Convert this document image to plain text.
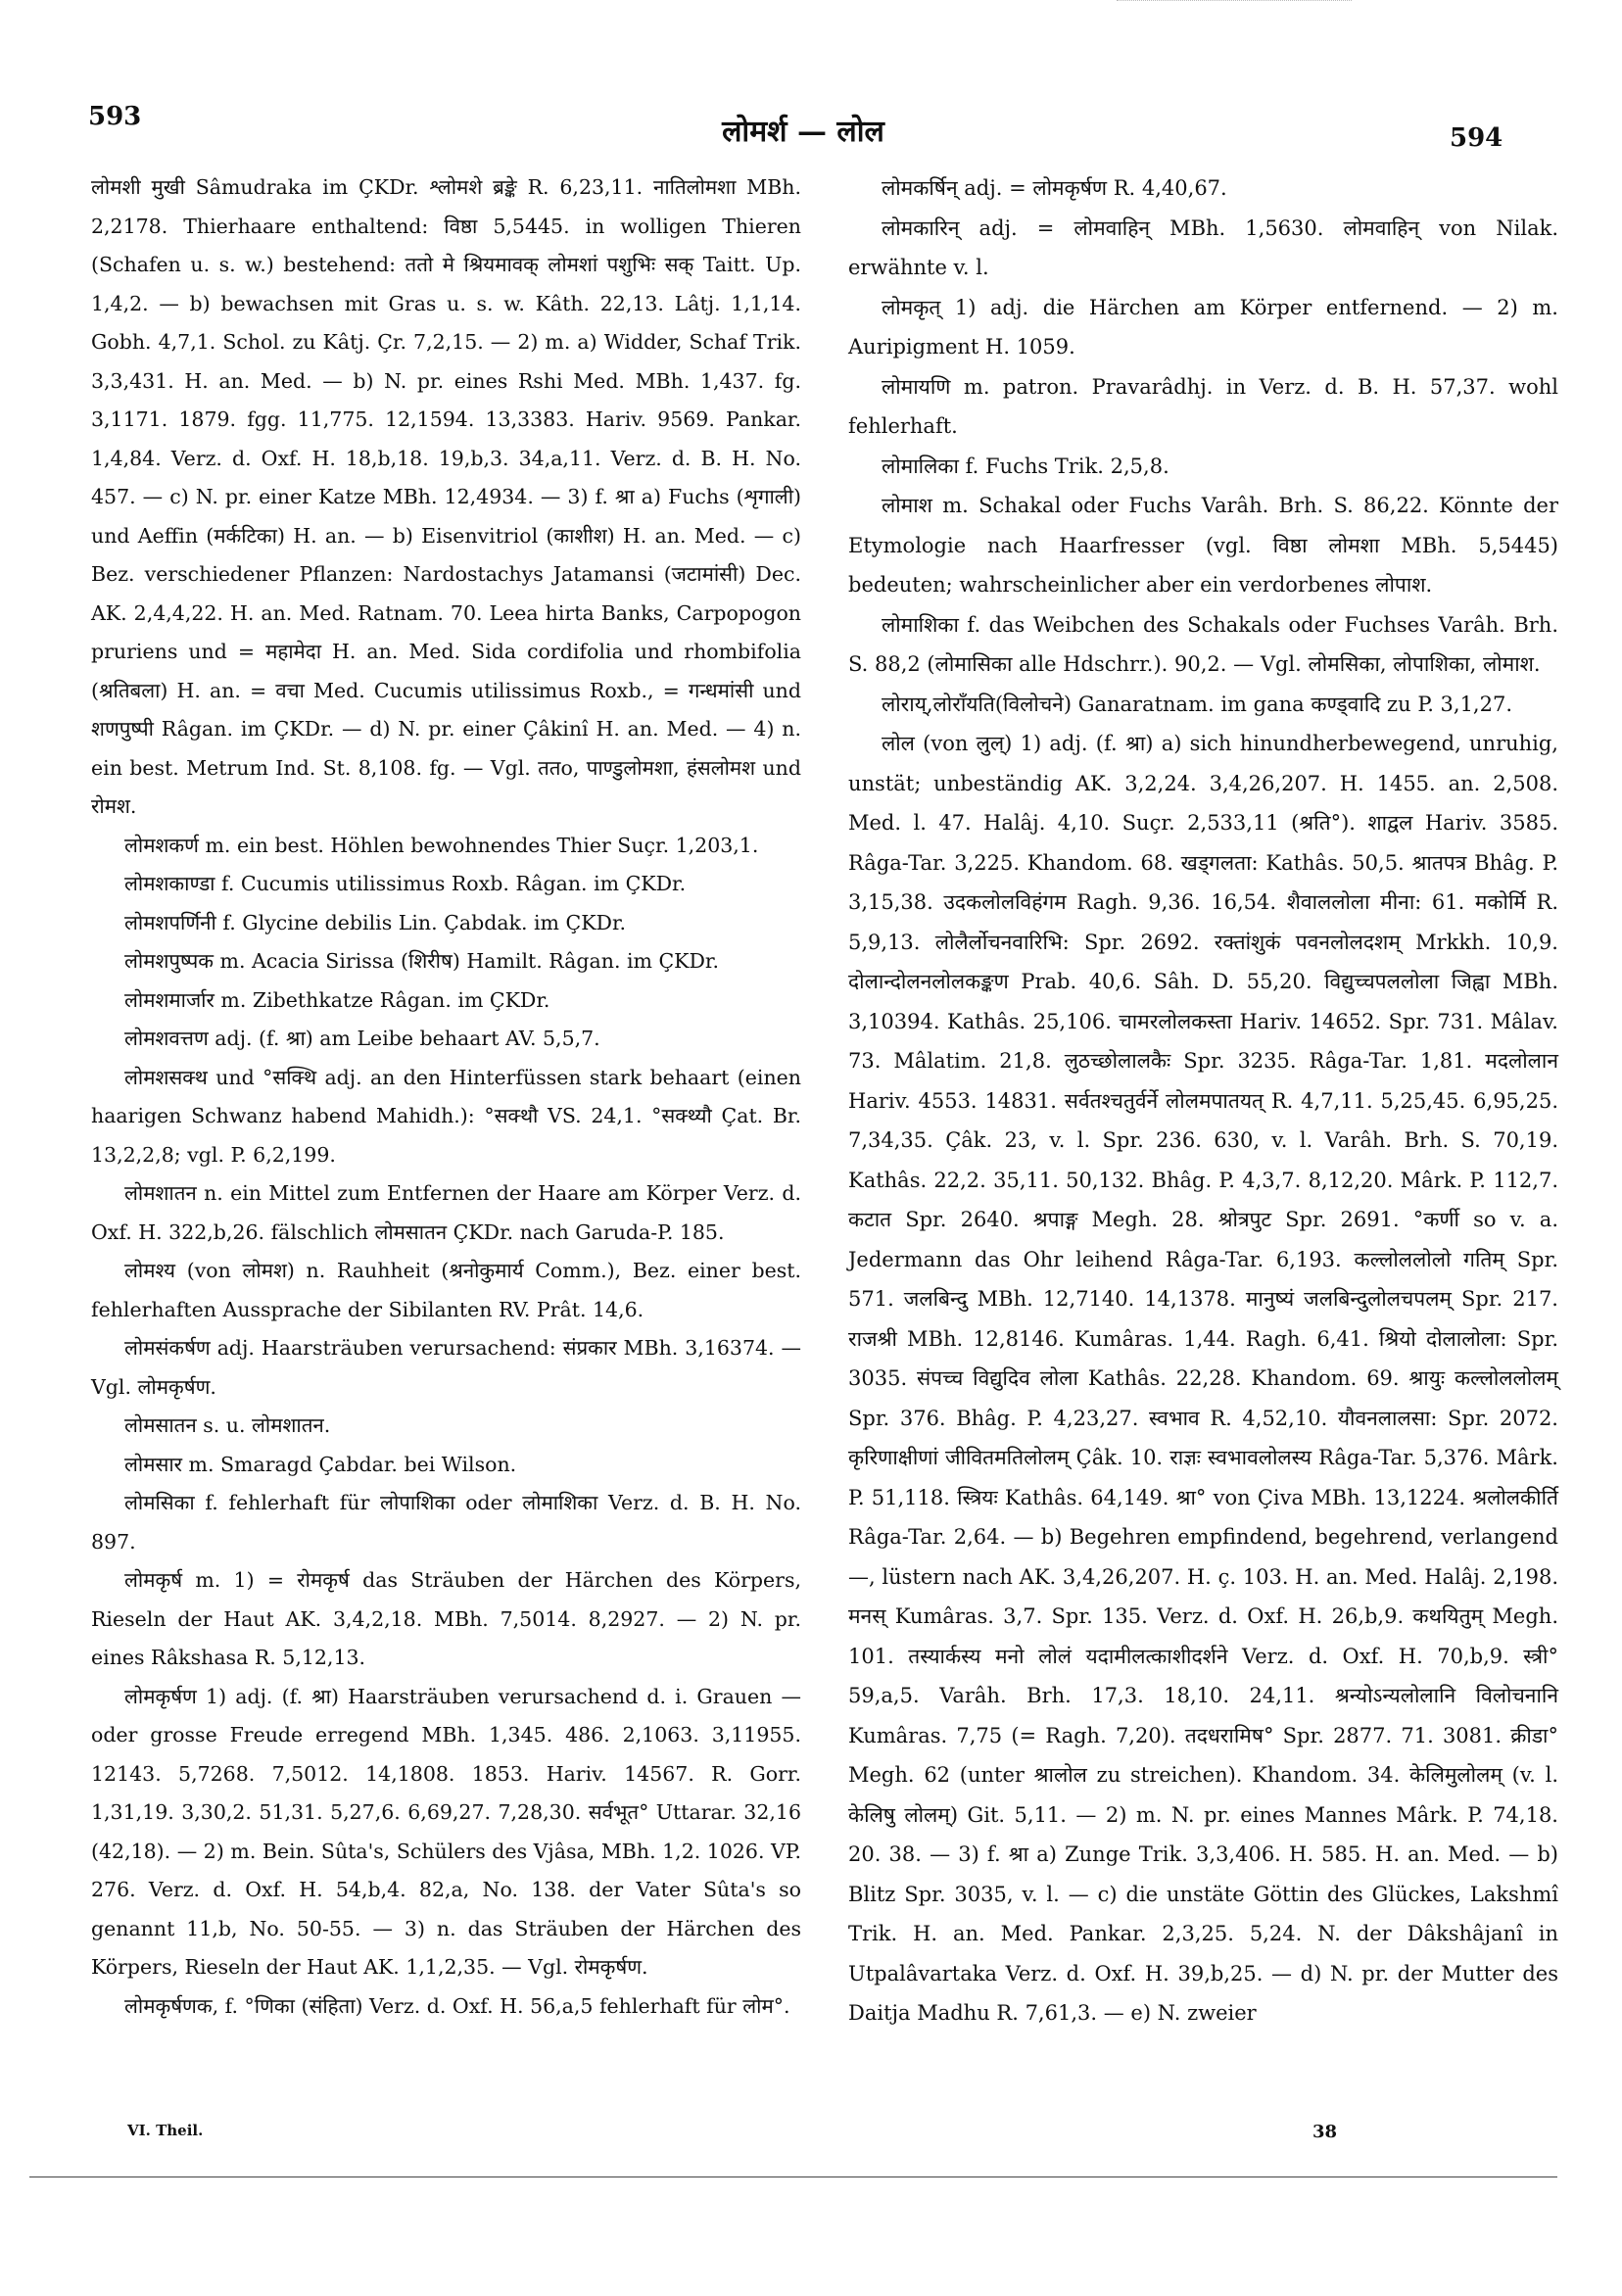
593	लोमर्श — लोल	594

लोमशी मुखी Sâmudraka im ÇKDr. श्लोमशे ब्रङ्के R. 6,23,11. नातिलोमशा MBh. 2,2178. Thierhaare enthaltend: विष्ठा 5,5445. in wolligen Thieren (Schafen u. s. w.) bestehend: ततो मे श्रियमावक् लोमशां पशुभिः सक् Taitt. Up. 1,4,2. — b) bewachsen mit Gras u. s. w. Kâth. 22,13. Lâtj. 1,1,14. Gobh. 4,7,1. Schol. zu Kâtj. Çr. 7,2,15. — 2) m. a) Widder, Schaf Trik. 3,3,431. H. an. Med. — b) N. pr. eines Rshi Med. MBh. 1,437. fg. 3,1171. 1879. fgg. 11,775. 12,1594. 13,3383. Hariv. 9569. Pankar. 1,4,84. Verz. d. Oxf. H. 18,b,18. 19,b,3. 34,a,11. Verz. d. B. H. No. 457. — c) N. pr. einer Katze MBh. 12,4934. — 3) f. श्रा a) Fuchs (शृगाली) und Aeffin (मर्कटिका) H. an. — b) Eisenvitriol (काशीश) H. an. Med. — c) Bez. verschiedener Pflanzen: Nardostachys Jatamansi (जटामांसी) Dec. AK. 2,4,4,22. H. an. Med. Ratnam. 70. Leea hirta Banks, Carpopogon pruriens und = महामेदा H. an. Med. Sida cordifolia und rhombifolia (श्रतिबला) H. an. = वचा Med. Cucumis utilissimus Roxb., = गन्धमांसी und शणपुष्पी Râgan. im ÇKDr. — d) N. pr. einer Çâkinî H. an. Med. — 4) n. ein best. Metrum Ind. St. 8,108. fg. — Vgl. ततo, पाण्डुलोमशा, हंसलोमश und रोमश.

लोमशकर्ण m. ein best. Höhlen bewohnendes Thier Suçr. 1,203,1.

लोमशकाण्डा f. Cucumis utilissimus Roxb. Râgan. im ÇKDr.

लोमशपर्णिनी f. Glycine debilis Lin. Çabdak. im ÇKDr.

लोमशपुष्पक m. Acacia Sirissa (शिरीष) Hamilt. Râgan. im ÇKDr.

लोमशमार्जार m. Zibethkatze Râgan. im ÇKDr.

लोमशवत्तण adj. (f. श्रा) am Leibe behaart AV. 5,5,7.

लोमशसक्थ und °सक्थि adj. an den Hinterfüssen stark behaart (einen haarigen Schwanz habend Mahidh.): °सक्थौ VS. 24,1. °सक्थ्यौ Çat. Br. 13,2,2,8; vgl. P. 6,2,199.

लोमशातन n. ein Mittel zum Entfernen der Haare am Körper Verz. d. Oxf. H. 322,b,26. fälschlich लोमसातन ÇKDr. nach Garuda-P. 185.

लोमश्य (von लोमश) n. Rauhheit (श्रनोकुमार्य Comm.), Bez. einer best. fehlerhaften Aussprache der Sibilanten RV. Prât. 14,6.

लोमसंकर्षण adj. Haarsträuben verursachend: संप्रकार MBh. 3,16374. — Vgl. लोमकृर्षण.

लोमसातन s. u. लोमशातन.

लोमसार m. Smaragd Çabdar. bei Wilson.

लोमसिका f. fehlerhaft für लोपाशिका oder लोमाशिका Verz. d. B. H. No. 897.

लोमकृर्ष m. 1) = रोमकृर्ष das Sträuben der Härchen des Körpers, Rieseln der Haut AK. 3,4,2,18. MBh. 7,5014. 8,2927. — 2) N. pr. eines Râkshasa R. 5,12,13.

लोमकृर्षण 1) adj. (f. श्रा) Haarsträuben verursachend d. i. Grauen — oder grosse Freude erregend MBh. 1,345. 486. 2,1063. 3,11955. 12143. 5,7268. 7,5012. 14,1808. 1853. Hariv. 14567. R. Gorr. 1,31,19. 3,30,2. 51,31. 5,27,6. 6,69,27. 7,28,30. सर्वभूत° Uttarar. 32,16 (42,18). — 2) m. Bein. Sûta's, Schülers des Vjâsa, MBh. 1,2. 1026. VP. 276. Verz. d. Oxf. H. 54,b,4. 82,a, No. 138. der Vater Sûta's so genannt 11,b, No. 50-55. — 3) n. das Sträuben der Härchen des Körpers, Rieseln der Haut AK. 1,1,2,35. — Vgl. रोमकृर्षण.

लोमकृर्षणक, f. °णिका (संहिता) Verz. d. Oxf. H. 56,a,5 fehlerhaft für लोम°.

लोमकर्षिन् adj. = लोमकृर्षण R. 4,40,67.

लोमकारिन् adj. = लोमवाहिन् MBh. 1,5630. लोमवाहिन् von Nilak. erwähnte v. l.

लोमकृत् 1) adj. die Härchen am Körper entfernend. — 2) m. Auripigment H. 1059.

लोमायणि m. patron. Pravarâdhj. in Verz. d. B. H. 57,37. wohl fehlerhaft.

लोमालिका f. Fuchs Trik. 2,5,8.

लोमाश m. Schakal oder Fuchs Varâh. Brh. S. 86,22. Könnte der Etymologie nach Haarfresser (vgl. विष्ठा लोमशा MBh. 5,5445) bedeuten; wahrscheinlicher aber ein verdorbenes लोपाश.

लोमाशिका f. das Weibchen des Schakals oder Fuchses Varâh. Brh. S. 88,2 (लोमासिका alle Hdschrr.). 90,2. — Vgl. लोमसिका, लोपाशिका, लोमाश.

लोराय्,लोराँयति(विलोचने) Ganaratnam. im gana कण्ड्वादि zu P. 3,1,27.

लोल (von लुल्) 1) adj. (f. श्रा) a) sich hinundherbewegend, unruhig, unstät; unbeständig AK. 3,2,24. 3,4,26,207. H. 1455. an. 2,508. Med. l. 47. Halâj. 4,10. Suçr. 2,533,11 (श्रति°). शाद्वल Hariv. 3585. Râga-Tar. 3,225. Khandom. 68. खड्गलता: Kathâs. 50,5. श्रातपत्र Bhâg. P. 3,15,38. उदकलोलविहंगम Ragh. 9,36. 16,54. शैवाललोला मीना: 61. मकोर्मि R. 5,9,13. लोलैर्लोचनवारिभि: Spr. 2692. रक्तांशुकं पवनलोलदशम् Mrkkh. 10,9. दोलान्दोलनलोलकङ्कण Prab. 40,6. Sâh. D. 55,20. विद्युच्चपललोला जिह्वा MBh. 3,10394. Kathâs. 25,106. चामरलोलकस्ता Hariv. 14652. Spr. 731. Mâlav. 73. Mâlatim. 21,8. लुठच्छोलालकैः Spr. 3235. Râga-Tar. 1,81. मदलोलान Hariv. 4553. 14831. सर्वतश्चतुर्वर्ने लोलमपातयत् R. 4,7,11. 5,25,45. 6,95,25. 7,34,35. Çâk. 23, v. l. Spr. 236. 630, v. l. Varâh. Brh. S. 70,19. Kathâs. 22,2. 35,11. 50,132. Bhâg. P. 4,3,7. 8,12,20. Mârk. P. 112,7. कटात Spr. 2640. श्रपाङ्ग Megh. 28. श्रोत्रपुट Spr. 2691. °कर्णी so v. a. Jedermann das Ohr leihend Râga-Tar. 6,193. कल्लोललोलो गतिम् Spr. 571. जलबिन्दु MBh. 12,7140. 14,1378. मानुष्यं जलबिन्दुलोलचपलम् Spr. 217. राजश्री MBh. 12,8146. Kumâras. 1,44. Ragh. 6,41. श्रियो दोलालोला: Spr. 3035. संपच्च विद्युदिव लोला Kathâs. 22,28. Khandom. 69. श्रायुः कल्लोललोलम् Spr. 376. Bhâg. P. 4,23,27. स्वभाव R. 4,52,10. यौवनलालसा: Spr. 2072. कृरिणाक्षीणां जीवितमतिलोलम् Çâk. 10. राज्ञः स्वभावलोलस्य Râga-Tar. 5,376. Mârk. P. 51,118. स्त्रियः Kathâs. 64,149. श्रा° von Çiva MBh. 13,1224. श्रलोलकीर्ति Râga-Tar. 2,64. — b) Begehren empfindend, begehrend, verlangend —, lüstern nach AK. 3,4,26,207. H. ç. 103. H. an. Med. Halâj. 2,198. मनस् Kumâras. 3,7. Spr. 135. Verz. d. Oxf. H. 26,b,9. कथयितुम् Megh. 101. तस्यार्कस्य मनो लोलं यदामीलत्काशीदर्शने Verz. d. Oxf. H. 70,b,9. स्त्री° 59,a,5. Varâh. Brh. 17,3. 18,10. 24,11. श्रन्योऽन्यलोलानि विलोचनानि Kumâras. 7,75 (= Ragh. 7,20). तदधरामिष° Spr. 2877. 71. 3081. क्रीडा° Megh. 62 (unter श्रालोल zu streichen). Khandom. 34. केलिमुलोलम् (v. l. केलिषु लोलम्) Git. 5,11. — 2) m. N. pr. eines Mannes Mârk. P. 74,18. 20. 38. — 3) f. श्रा a) Zunge Trik. 3,3,406. H. 585. H. an. Med. — b) Blitz Spr. 3035, v. l. — c) die unstäte Göttin des Glückes, Lakshmî Trik. H. an. Med. Pankar. 2,3,25. 5,24. N. der Dâkshâjanî in Utpalâvartaka Verz. d. Oxf. H. 39,b,25. — d) N. pr. der Mutter des Daitja Madhu R. 7,61,3. — e) N. zweier

VI. Theil.	38
